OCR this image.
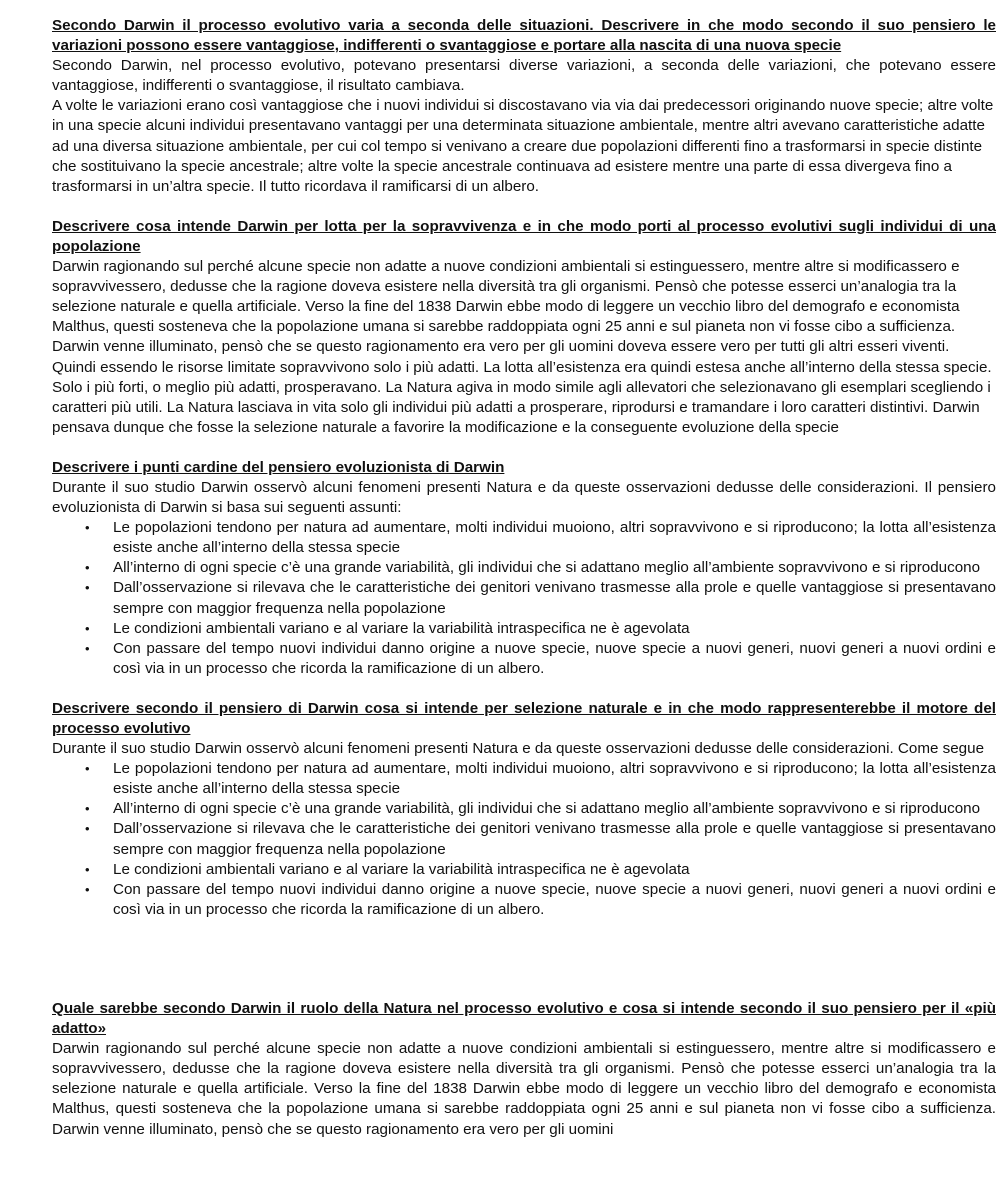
Secondo Darwin il processo evolutivo varia a seconda delle situazioni. Descrivere in che modo secondo il suo pensiero le variazioni possono essere vantaggiose, indifferenti o svantaggiose e portare alla nascita di una nuova specie

Secondo Darwin, nel processo evolutivo, potevano presentarsi diverse variazioni, a seconda delle variazioni, che potevano essere vantaggiose, indifferenti o svantaggiose, il risultato cambiava.

A volte le variazioni erano così vantaggiose che i nuovi individui si discostavano via via dai predecessori originando nuove specie; altre volte in una specie alcuni individui presentavano vantaggi per una determinata situazione ambientale, mentre altri avevano caratteristiche adatte ad una diversa situazione ambientale, per cui col tempo si venivano a creare due popolazioni differenti fino a trasformarsi in specie distinte che sostituivano la specie ancestrale; altre volte la specie ancestrale continuava ad esistere mentre una parte di essa divergeva fino a trasformarsi in un’altra specie. Il tutto ricordava il ramificarsi di un albero.

Descrivere cosa intende Darwin per lotta per la sopravvivenza e in che modo porti al processo evolutivi sugli individui di una popolazione

Darwin ragionando sul perché alcune specie non adatte a nuove condizioni ambientali si estinguessero, mentre altre si modificassero e sopravvivessero, dedusse che la ragione doveva esistere nella diversità tra gli organismi. Pensò che potesse esserci un’analogia tra la selezione naturale e quella artificiale. Verso la fine del 1838 Darwin ebbe modo di leggere un vecchio libro del demografo e economista Malthus, questi sosteneva che la popolazione umana si sarebbe raddoppiata ogni 25 anni e sul pianeta non vi fosse cibo a sufficienza. Darwin venne illuminato, pensò che se questo ragionamento era vero per gli uomini doveva essere vero per tutti gli altri esseri viventi. Quindi essendo le risorse limitate sopravvivono solo i più adatti. La lotta all’esistenza era quindi estesa anche all’interno della stessa specie. Solo i più forti, o meglio più adatti, prosperavano. La Natura agiva in modo simile agli allevatori che selezionavano gli esemplari scegliendo i caratteri più utili. La Natura lasciava in vita solo gli individui più adatti a prosperare, riprodursi e tramandare i loro caratteri distintivi. Darwin pensava dunque che fosse la selezione naturale a favorire la modificazione e la conseguente evoluzione della specie

Descrivere i punti cardine del pensiero evoluzionista di Darwin

Durante il suo studio Darwin osservò alcuni fenomeni presenti Natura e da queste osservazioni dedusse delle considerazioni. Il pensiero evoluzionista di Darwin si basa sui seguenti assunti:

• Le popolazioni tendono per natura ad aumentare, molti individui muoiono, altri sopravvivono e si riproducono; la lotta all’esistenza esiste anche all’interno della stessa specie
• All’interno di ogni specie c’è una grande variabilità, gli individui che si adattano meglio all’ambiente sopravvivono e si riproducono
• Dall’osservazione si rilevava che le caratteristiche dei genitori venivano trasmesse alla prole e quelle vantaggiose si presentavano sempre con maggior frequenza nella popolazione
• Le condizioni ambientali variano e al variare la variabilità intraspecifica ne è agevolata
• Con passare del tempo nuovi individui danno origine a nuove specie, nuove specie a nuovi generi, nuovi generi a nuovi ordini e così via in un processo che ricorda la ramificazione di un albero.

Descrivere secondo il pensiero di Darwin cosa si intende per selezione naturale e in che modo rappresenterebbe il motore del processo evolutivo

Durante il suo studio Darwin osservò alcuni fenomeni presenti Natura e da queste osservazioni dedusse delle considerazioni. Come segue

• Le popolazioni tendono per natura ad aumentare, molti individui muoiono, altri sopravvivono e si riproducono; la lotta all’esistenza esiste anche all’interno della stessa specie
• All’interno di ogni specie c’è una grande variabilità, gli individui che si adattano meglio all’ambiente sopravvivono e si riproducono
• Dall’osservazione si rilevava che le caratteristiche dei genitori venivano trasmesse alla prole e quelle vantaggiose si presentavano sempre con maggior frequenza nella popolazione
• Le condizioni ambientali variano e al variare la variabilità intraspecifica ne è agevolata
• Con passare del tempo nuovi individui danno origine a nuove specie, nuove specie a nuovi generi, nuovi generi a nuovi ordini e così via in un processo che ricorda la ramificazione di un albero.

Quale sarebbe secondo Darwin il ruolo della Natura nel processo evolutivo e cosa si intende secondo il suo pensiero per il «più adatto»

Darwin ragionando sul perché alcune specie non adatte a nuove condizioni ambientali si estinguessero, mentre altre si modificassero e sopravvivessero, dedusse che la ragione doveva esistere nella diversità tra gli organismi. Pensò che potesse esserci un’analogia tra la selezione naturale e quella artificiale. Verso la fine del 1838 Darwin ebbe modo di leggere un vecchio libro del demografo e economista Malthus, questi sosteneva che la popolazione umana si sarebbe raddoppiata ogni 25 anni e sul pianeta non vi fosse cibo a sufficienza. Darwin venne illuminato, pensò che se questo ragionamento era vero per gli uomini
